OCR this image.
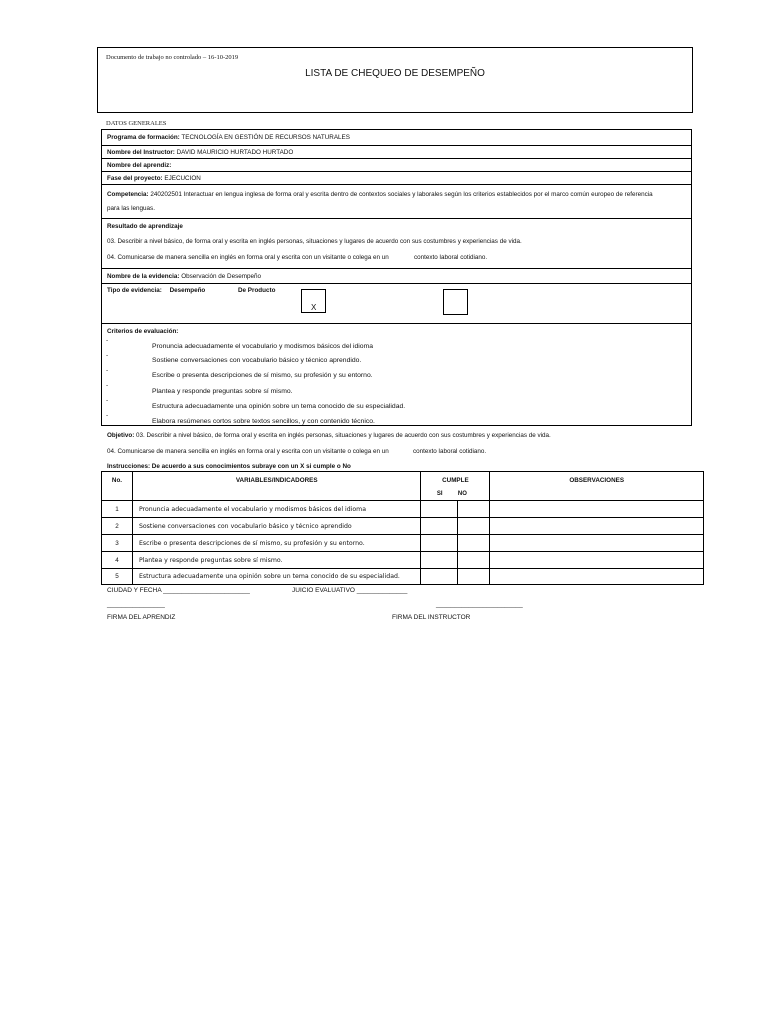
Documento de trabajo no controlado – 16-10-2019
LISTA DE CHEQUEO DE DESEMPEÑO
DATOS GENERALES
Programa de formación: TECNOLOGÍA EN GESTIÓN DE RECURSOS NATURALES
Nombre del Instructor: DAVID MAURICIO HURTADO HURTADO
Nombre del aprendiz:
Fase del proyecto: EJECUCION
Competencia: 240202501 Interactuar en lengua inglesa de forma oral y escrita dentro de contextos sociales y laborales según los criterios establecidos por el marco común europeo de referencia
para las lenguas.
Resultado de aprendizaje
03. Describir a nivel básico, de forma oral y escrita en inglés personas, situaciones y lugares de acuerdo con sus costumbres y experiencias de vida.
04. Comunicarse de manera sencilla en inglés en forma oral y escrita con un visitante o colega en un	contexto laboral cotidiano.
Nombre de la evidencia: Observación de Desempeño
Tipo de evidencia: Desempeño	De Producto
X
Criterios de evaluación:
-
Pronuncia adecuadamente el vocabulario y modismos básicos del idioma
-
Sostiene conversaciones con vocabulario básico y técnico aprendido.
-
Escribe o presenta descripciones de sí mismo, su profesión y su entorno.
-
Plantea y responde preguntas sobre sí mismo.
-
Estructura adecuadamente una opinión sobre un tema conocido de su especialidad.
-
Elabora resúmenes cortos sobre textos sencillos, y con contenido técnico.
Objetivo: 03. Describir a nivel básico, de forma oral y escrita en inglés personas, situaciones y lugares de acuerdo con sus costumbres y experiencias de vida.
04. Comunicarse de manera sencilla en inglés en forma oral y escrita con un visitante o colega en un	contexto laboral cotidiano.
Instrucciones: De acuerdo a sus conocimientos subraye con un X si cumple o No
No.	VARIABLES/INDICADORES	CUMPLE		OBSERVACIONES
		SI	NO	
1	Pronuncia adecuadamente el vocabulario y modismos básicos del idioma			
2	Sostiene conversaciones con vocabulario básico y técnico aprendido			
3	Escribe o presenta descripciones de sí mismo, su profesión y su entorno.			
4	Plantea y responde preguntas sobre sí mismo.			
5	Estructura adecuadamente una opinión sobre un tema conocido de su especialidad.			
CIUDAD Y FECHA ________________________	JUICIO EVALUATIVO ______________
________________	________________________
FIRMA DEL APRENDIZ	FIRMA DEL INSTRUCTOR
